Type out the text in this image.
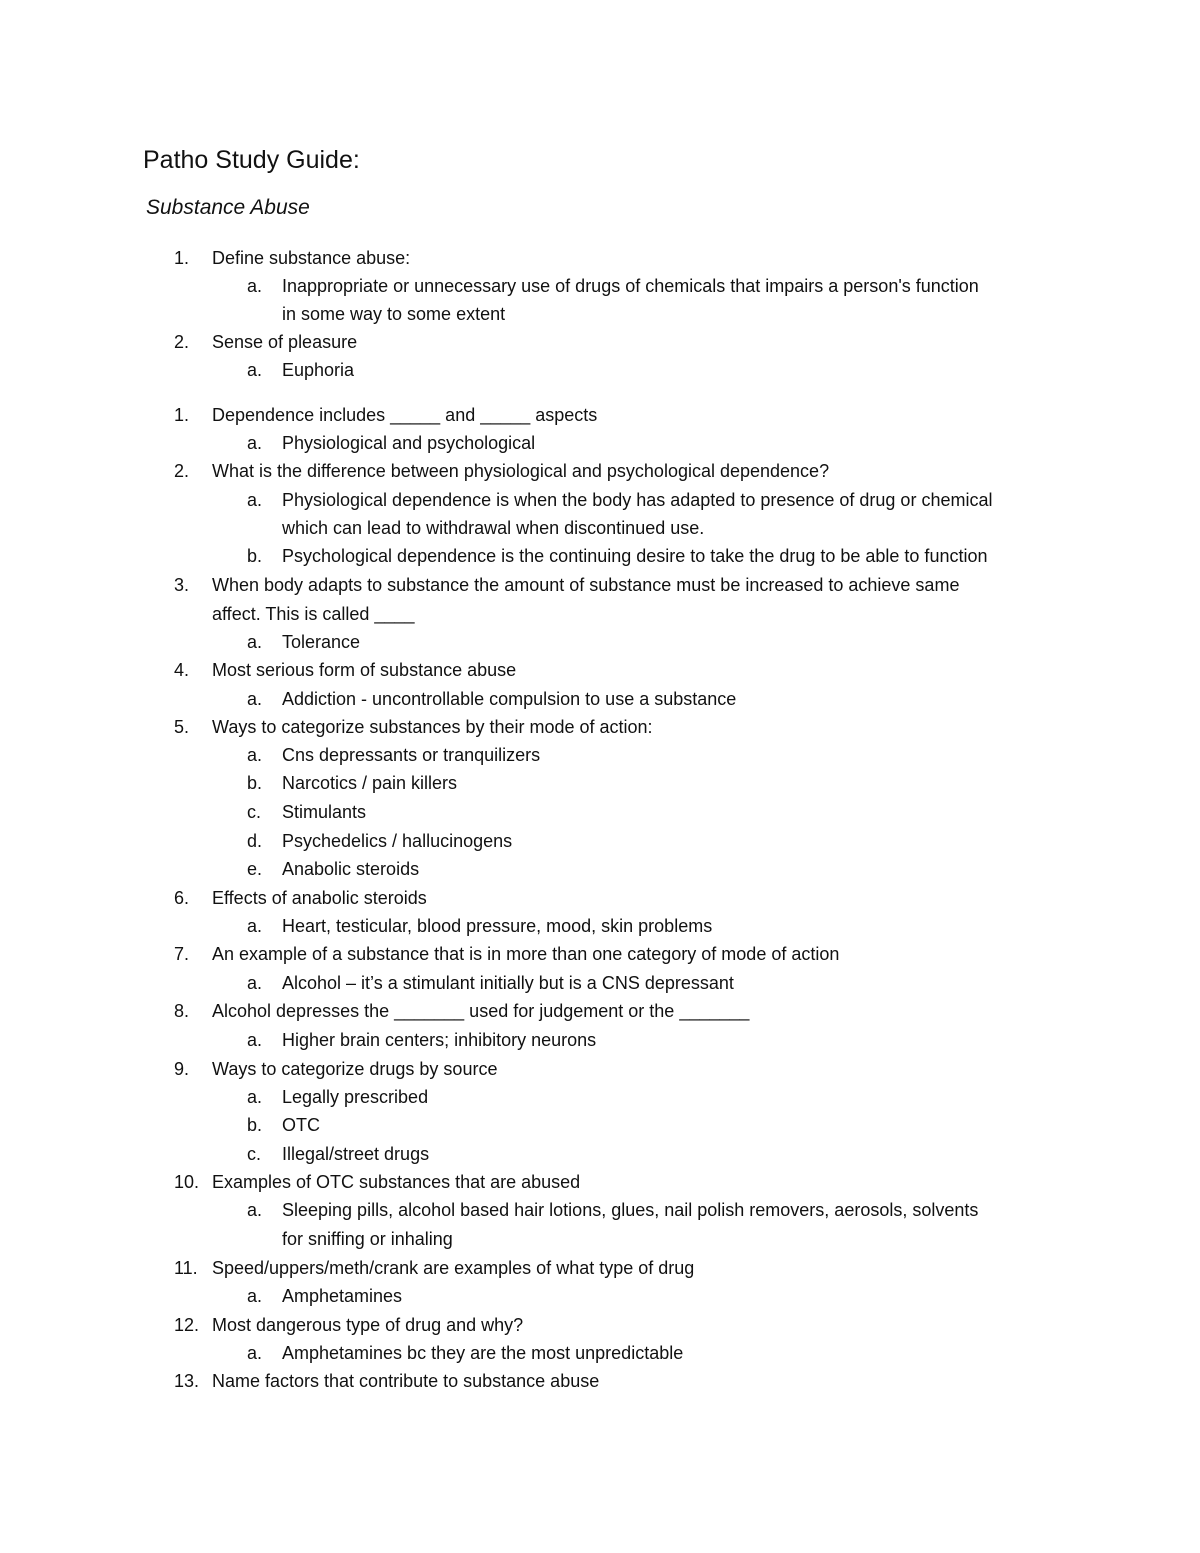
Patho Study Guide:
Substance Abuse
1.	Define substance abuse:
a.	Inappropriate or unnecessary use of drugs of chemicals that impairs a person's function
in some way to some extent
2.	Sense of pleasure
a.	Euphoria
1.	Dependence includes _____ and _____ aspects
a.	Physiological and psychological
2.	What is the difference between physiological and psychological dependence?
a.	Physiological dependence is when the body has adapted to presence of drug or chemical
which can lead to withdrawal when discontinued use.
b.	Psychological dependence is the continuing desire to take the drug to be able to function
3.	When body adapts to substance the amount of substance must be increased to achieve same
affect. This is called ____
a.	Tolerance
4.	Most serious form of substance abuse
a.	Addiction - uncontrollable compulsion to use a substance
5.	Ways to categorize substances by their mode of action:
a.	Cns depressants or tranquilizers
b.	Narcotics / pain killers
c.	Stimulants
d.	Psychedelics / hallucinogens
e.	Anabolic steroids
6.	Effects of anabolic steroids
a.	Heart, testicular, blood pressure, mood, skin problems
7.	An example of a substance that is in more than one category of mode of action
a.	Alcohol – it’s a stimulant initially but is a CNS depressant
8.	Alcohol depresses the _______ used for judgement or the _______
a.	Higher brain centers; inhibitory neurons
9.	Ways to categorize drugs by source
a.	Legally prescribed
b.	OTC
c.	Illegal/street drugs
10. Examples of OTC substances that are abused
a.	Sleeping pills, alcohol based hair lotions, glues, nail polish removers, aerosols, solvents
for sniffing or inhaling
11. Speed/uppers/meth/crank are examples of what type of drug
a.	Amphetamines
12. Most dangerous type of drug and why?
a.	Amphetamines bc they are the most unpredictable
13. Name factors that contribute to substance abuse
